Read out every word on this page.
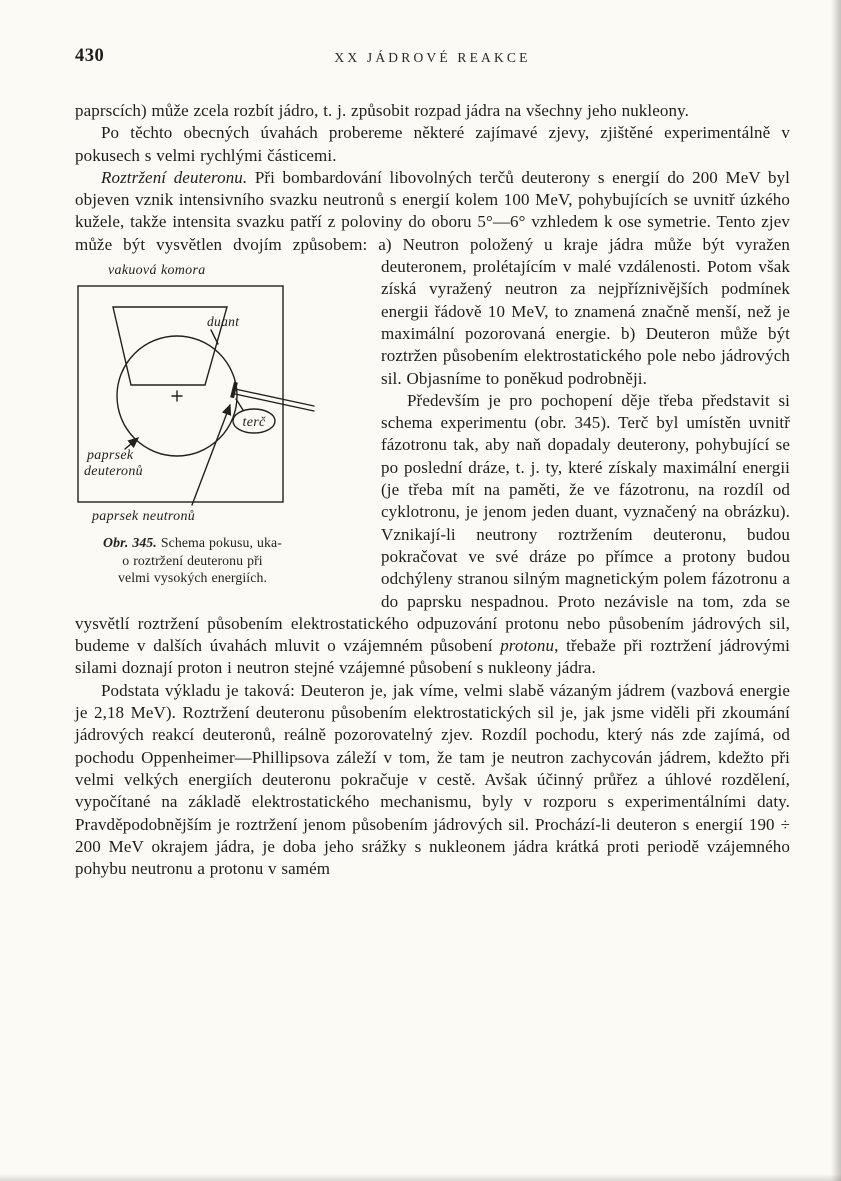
430	XX JÁDROVÉ REAKCE
paprscích) může zcela rozbít jádro, t. j. způsobit rozpad jádra na všechny jeho nukleony.
Po těchto obecných úvahách probereme některé zajímavé zjevy, zjištěné experimentálně v pokusech s velmi rychlými částicemi.
Roztržení deuteronu. Při bombardování libovolných terčů deuterony s energií do 200 MeV byl objeven vznik intensivního svazku neutronů s energií kolem 100 MeV, pohybujících se uvnitř úzkého kužele, takže intensita svazku patří z poloviny do oboru 5°—6° vzhledem k ose symetrie. Tento zjev může být vysvětlen dvojím způsobem: a) Neutron položený u kraje jádra může
vakuová komora
duant
terč
paprsek
deuteronů
paprsek neutronů
Obr. 345. Schema pokusu, uka-
o roztržení deuteronu při
velmi vysokých energiích.
být vyražen deuteronem, prolétajícím v malé vzdálenosti. Potom však získá vyražený neutron za nejpříznivějších podmínek energii řádově 10 MeV, to znamená značně menší, než je maximální pozorovaná energie. b) Deuteron může být roztržen působením elektrostatického pole nebo jádrových sil. Objasníme to poněkud podrobněji.
Především je pro pochopení děje třeba představit si schema experimentu (obr. 345). Terč byl umístěn uvnitř fázotronu tak, aby naň dopadaly deuterony, pohybující se po poslední dráze, t. j. ty, které získaly maximální energii (je třeba mít na paměti, že ve fázotronu, na rozdíl od cyklotronu, je jenom jeden duant, vyznačený na obrázku). Vznikají-li neutrony roztržením deuteronu, budou pokračovat ve své dráze po přímce a protony budou odchýleny stranou silným magnetickým polem fázotronu a do paprsku nespadnou. Proto nezávisle na tom, zda se vysvětlí roztržení působením elektrostatického odpuzování protonu nebo působením jádrových sil, budeme v dalších úvahách mluvit o vzájemném působení protonu, třebaže při roztržení jádrovými silami doznají proton i neutron stejné vzájemné působení s nukleony jádra.
Podstata výkladu je taková: Deuteron je, jak víme, velmi slabě vázaným jádrem (vazbová energie je 2,18 MeV). Roztržení deuteronu působením elektrostatických sil je, jak jsme viděli při zkoumání jádrových reakcí deuteronů, reálně pozorovatelný zjev. Rozdíl pochodu, který nás zde zajímá, od pochodu Oppenheimer—Phillipsova záleží v tom, že tam je neutron zachycován jádrem, kdežto při velmi velkých energiích deuteronu pokračuje v cestě. Avšak účinný průřez a úhlové rozdělení, vypočítané na základě elektrostatického mechanismu, byly v rozporu s experimentálními daty. Pravděpodobnějším je roztržení jenom působením jádrových sil. Prochází-li deuteron s energií 190 ÷ 200 MeV okrajem jádra, je doba jeho srážky s nukleonem jádra krátká proti periodě vzájemného pohybu neutronu a protonu v samém
